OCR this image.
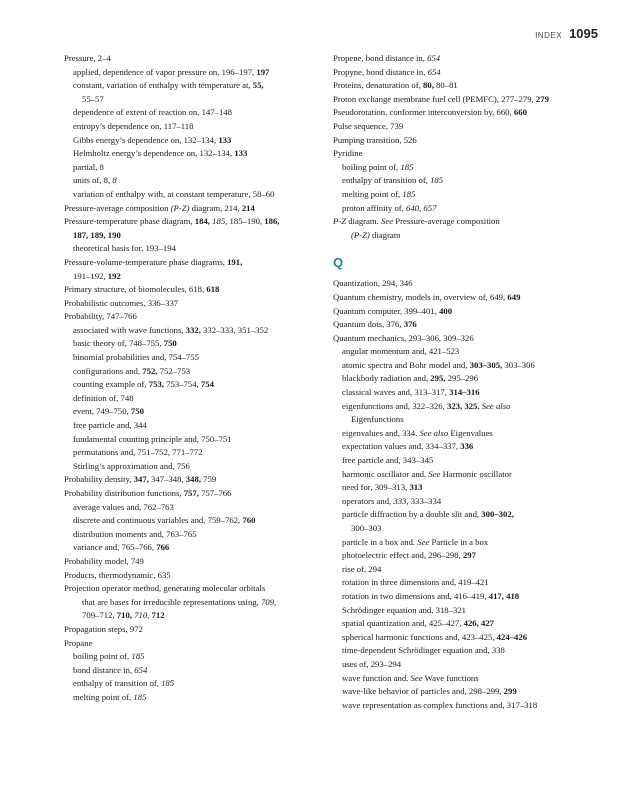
INDEX 1095
Pressure, 2–4
applied, dependence of vapor pressure on, 196–197, 197
constant, variation of enthalpy with temperature at, 55,
55–57
dependence of extent of reaction on, 147–148
entropy’s dependence on, 117–118
Gibbs energy’s dependence on, 132–134, 133
Helmholtz energy’s dependence on, 132–134, 133
partial, 8
units of, 8, 8
variation of enthalpy with, at constant temperature, 58–60
Pressure-average composition (P-Z) diagram, 214, 214
Pressure-temperature phase diagram, 184, 185, 185–190, 186,
187, 189, 190
theoretical basis for, 193–194
Pressure-volume-temperature phase diagrams, 191,
191–192, 192
Primary structure, of biomolecules, 618, 618
Probabilistic outcomes, 336–337
Probability, 747–766
associated with wave functions, 332, 332–333, 351–352
basic theory of, 748–755, 750
binomial probabilities and, 754–755
configurations and, 752, 752–753
counting example of, 753, 753–754, 754
definition of, 748
event, 749–750, 750
free particle and, 344
fundamental counting principle and, 750–751
permutations and, 751–752, 771–772
Stirling’s approximation and, 756
Probability density, 347, 347–348, 348, 759
Probability distribution functions, 757, 757–766
average values and, 762–763
discrete and continuous variables and, 759–762, 760
distribution moments and, 763–765
variance and, 765–766, 766
Probability model, 749
Products, thermodynamic, 635
Projection operator method, generating molecular orbitals
that are bases for irreducible representations using, 709,
709–712, 710, 710, 712
Propagation steps, 972
Propane
boiling point of, 185
bond distance in, 654
enthalpy of transition of, 185
melting point of, 185
Propene, bond distance in, 654
Propyne, bond distance in, 654
Proteins, denaturation of, 80, 80–81
Proton exchange membrane fuel cell (PEMFC), 277–279, 279
Pseudorotation, conformer interconversion by, 660, 660
Pulse sequence, 739
Pumping transition, 526
Pyridine
boiling point of, 185
enthalpy of transition of, 185
melting point of, 185
proton affinity of, 640, 657
P-Z diagram. See Pressure-average composition
(P-Z) diagram
Q
Quantization, 294, 346
Quantum chemistry, models in, overview of, 649, 649
Quantum computer, 399–401, 400
Quantum dots, 376, 376
Quantum mechanics, 293–306, 309–326
angular momentum and, 421–523
atomic spectra and Bohr model and, 303–305, 303–306
blackbody radiation and, 295, 295–296
classical waves and, 313–317, 314–316
eigenfunctions and, 322–326, 323, 325. See also
Eigenfunctions
eigenvalues and, 334. See also Eigenvalues
expectation values and, 334–337, 336
free particle and, 343–345
harmonic oscillator and. See Harmonic oscillator
need for, 309–313, 313
operators and, 333, 333–334
particle diffraction by a double slit and, 300–302,
300–303
particle in a box and. See Particle in a box
photoelectric effect and, 296–298, 297
rise of, 294
rotation in three dimensions and, 419–421
rotation in two dimensions and, 416–419, 417, 418
Schrödinger equation and, 318–321
spatial quantization and, 425–427, 426, 427
spherical harmonic functions and, 423–425, 424–426
time-dependent Schrödinger equation and, 338
uses of, 293–294
wave function and. See Wave functions
wave-like behavior of particles and, 298–299, 299
wave representation as complex functions and, 317–318
